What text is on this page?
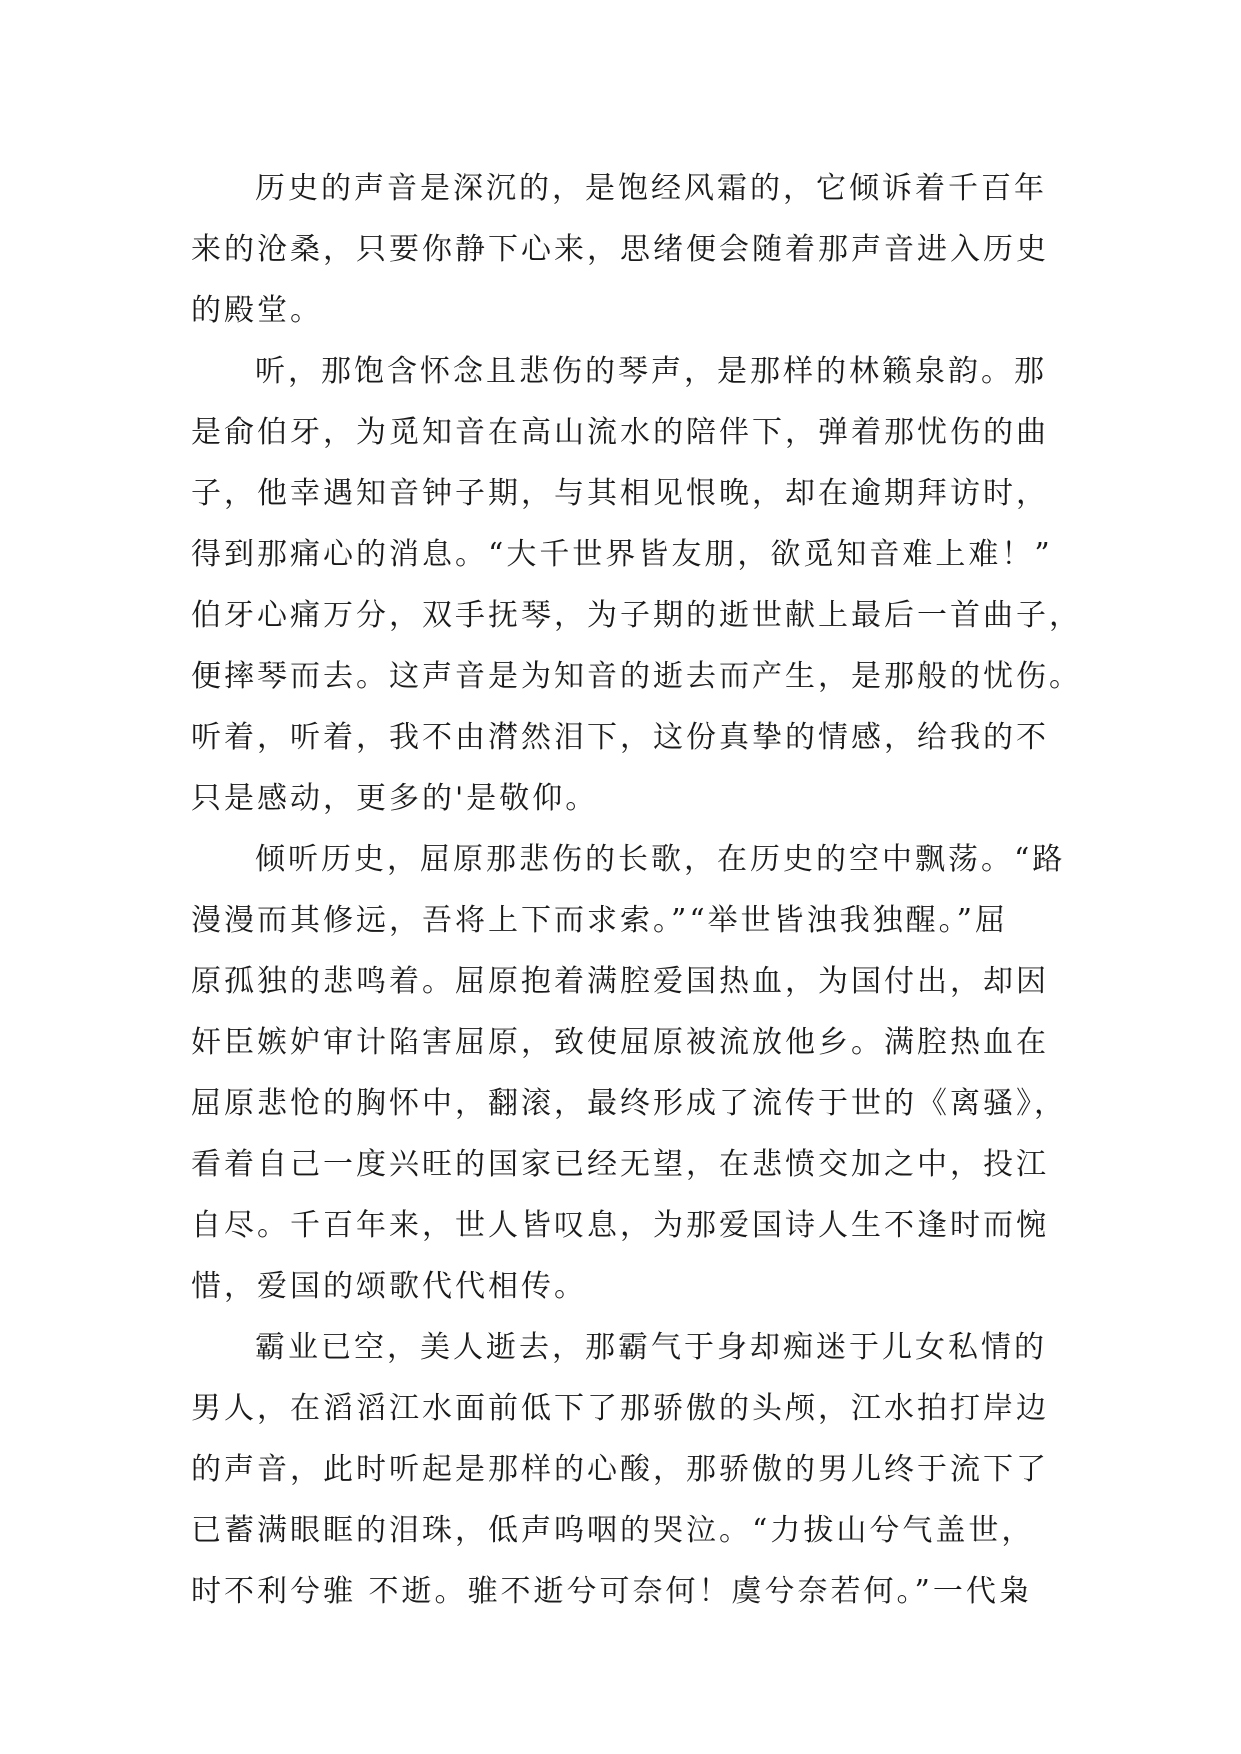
历史的声音是深沉的，是饱经风霜的，它倾诉着千百年
来的沧桑，只要你静下心来，思绪便会随着那声音进入历史
的殿堂。
听，那饱含怀念且悲伤的琴声，是那样的林籁泉韵。那
是俞伯牙，为觅知音在高山流水的陪伴下，弹着那忧伤的曲
子，他幸遇知音钟子期，与其相见恨晚，却在逾期拜访时，
得到那痛心的消息。“大千世界皆友朋，欲觅知音难上难！”
伯牙心痛万分，双手抚琴，为子期的逝世献上最后一首曲子，
便摔琴而去。这声音是为知音的逝去而产生，是那般的忧伤。
听着，听着，我不由潸然泪下，这份真挚的情感，给我的不
只是感动，更多的'是敬仰。
倾听历史，屈原那悲伤的长歌，在历史的空中飘荡。“路
漫漫而其修远，吾将上下而求索。”“举世皆浊我独醒。”屈
原孤独的悲鸣着。屈原抱着满腔爱国热血，为国付出，却因
奸臣嫉妒审计陷害屈原，致使屈原被流放他乡。满腔热血在
屈原悲怆的胸怀中，翻滚，最终形成了流传于世的《离骚》，
看着自己一度兴旺的国家已经无望，在悲愤交加之中，投江
自尽。千百年来，世人皆叹息，为那爱国诗人生不逢时而惋
惜，爱国的颂歌代代相传。
霸业已空，美人逝去，那霸气于身却痴迷于儿女私情的
男人，在滔滔江水面前低下了那骄傲的头颅，江水拍打岸边
的声音，此时听起是那样的心酸，那骄傲的男儿终于流下了
已蓄满眼眶的泪珠，低声呜咽的哭泣。“力拔山兮气盖世，
时不利兮骓 不逝。骓不逝兮可奈何！虞兮奈若何。”一代枭
